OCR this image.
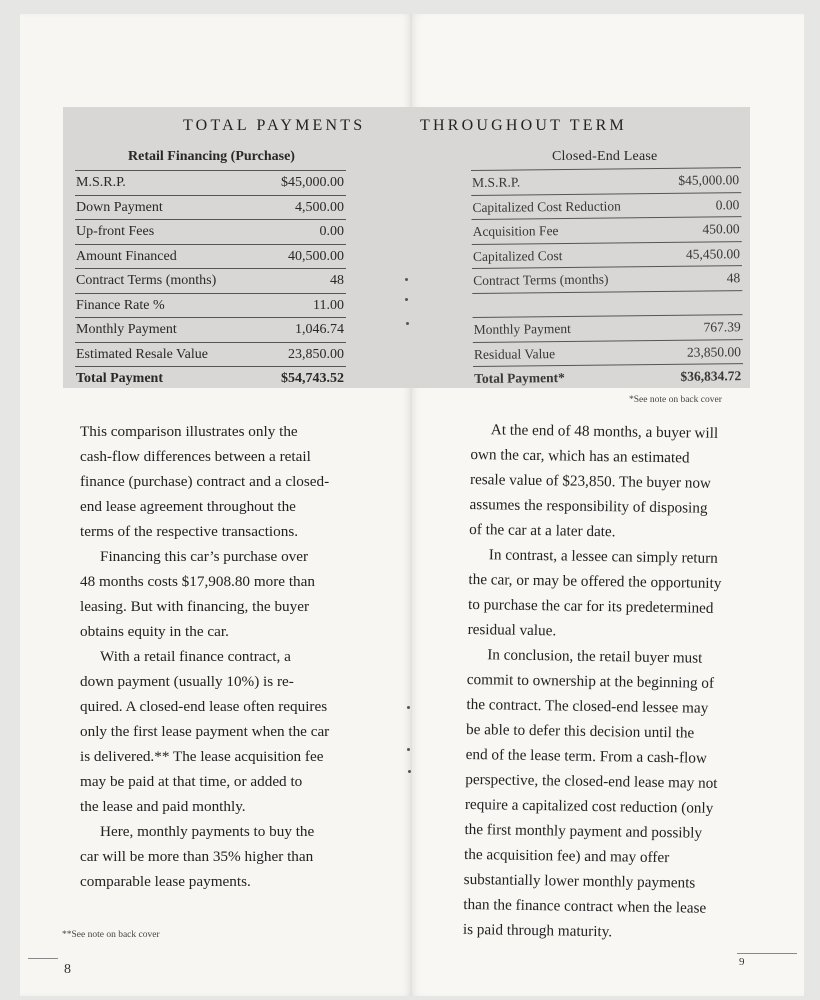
TOTAL PAYMENTS	THROUGHOUT TERM
Retail Financing (Purchase)	Closed-End Lease
M.S.R.P.	$45,000.00
Down Payment	4,500.00
Up-front Fees	0.00
Amount Financed	40,500.00
Contract Terms (months)	48
Finance Rate %	11.00
Monthly Payment	1,046.74
Estimated Resale Value	23,850.00
Total Payment	$54,743.52
M.S.R.P.	$45,000.00
Capitalized Cost Reduction	0.00
Acquisition Fee	450.00
Capitalized Cost	45,450.00
Contract Terms (months)	48
Monthly Payment	767.39
Residual Value	23,850.00
Total Payment*	$36,834.72
*See note on back cover

This comparison illustrates only the

cash-flow differences between a retail

finance (purchase) contract and a closed-

end lease agreement throughout the

terms of the respective transactions.

Financing this car’s purchase over

48 months costs $17,908.80 more than

leasing. But with financing, the buyer

obtains equity in the car.

With a retail finance contract, a

down payment (usually 10%) is re-

quired. A closed-end lease often requires

only the first lease payment when the car

is delivered.** The lease acquisition fee

may be paid at that time, or added to

the lease and paid monthly.

Here, monthly payments to buy the

car will be more than 35% higher than

comparable lease payments.

At the end of 48 months, a buyer will

own the car, which has an estimated

resale value of $23,850. The buyer now

assumes the responsibility of disposing

of the car at a later date.

In contrast, a lessee can simply return

the car, or may be offered the opportunity

to purchase the car for its predetermined

residual value.

In conclusion, the retail buyer must

commit to ownership at the beginning of

the contract. The closed-end lessee may

be able to defer this decision until the

end of the lease term. From a cash-flow

perspective, the closed-end lease may not

require a capitalized cost reduction (only

the first monthly payment and possibly

the acquisition fee) and may offer

substantially lower monthly payments

than the finance contract when the lease

is paid through maturity.

**See note on back cover
8	9
